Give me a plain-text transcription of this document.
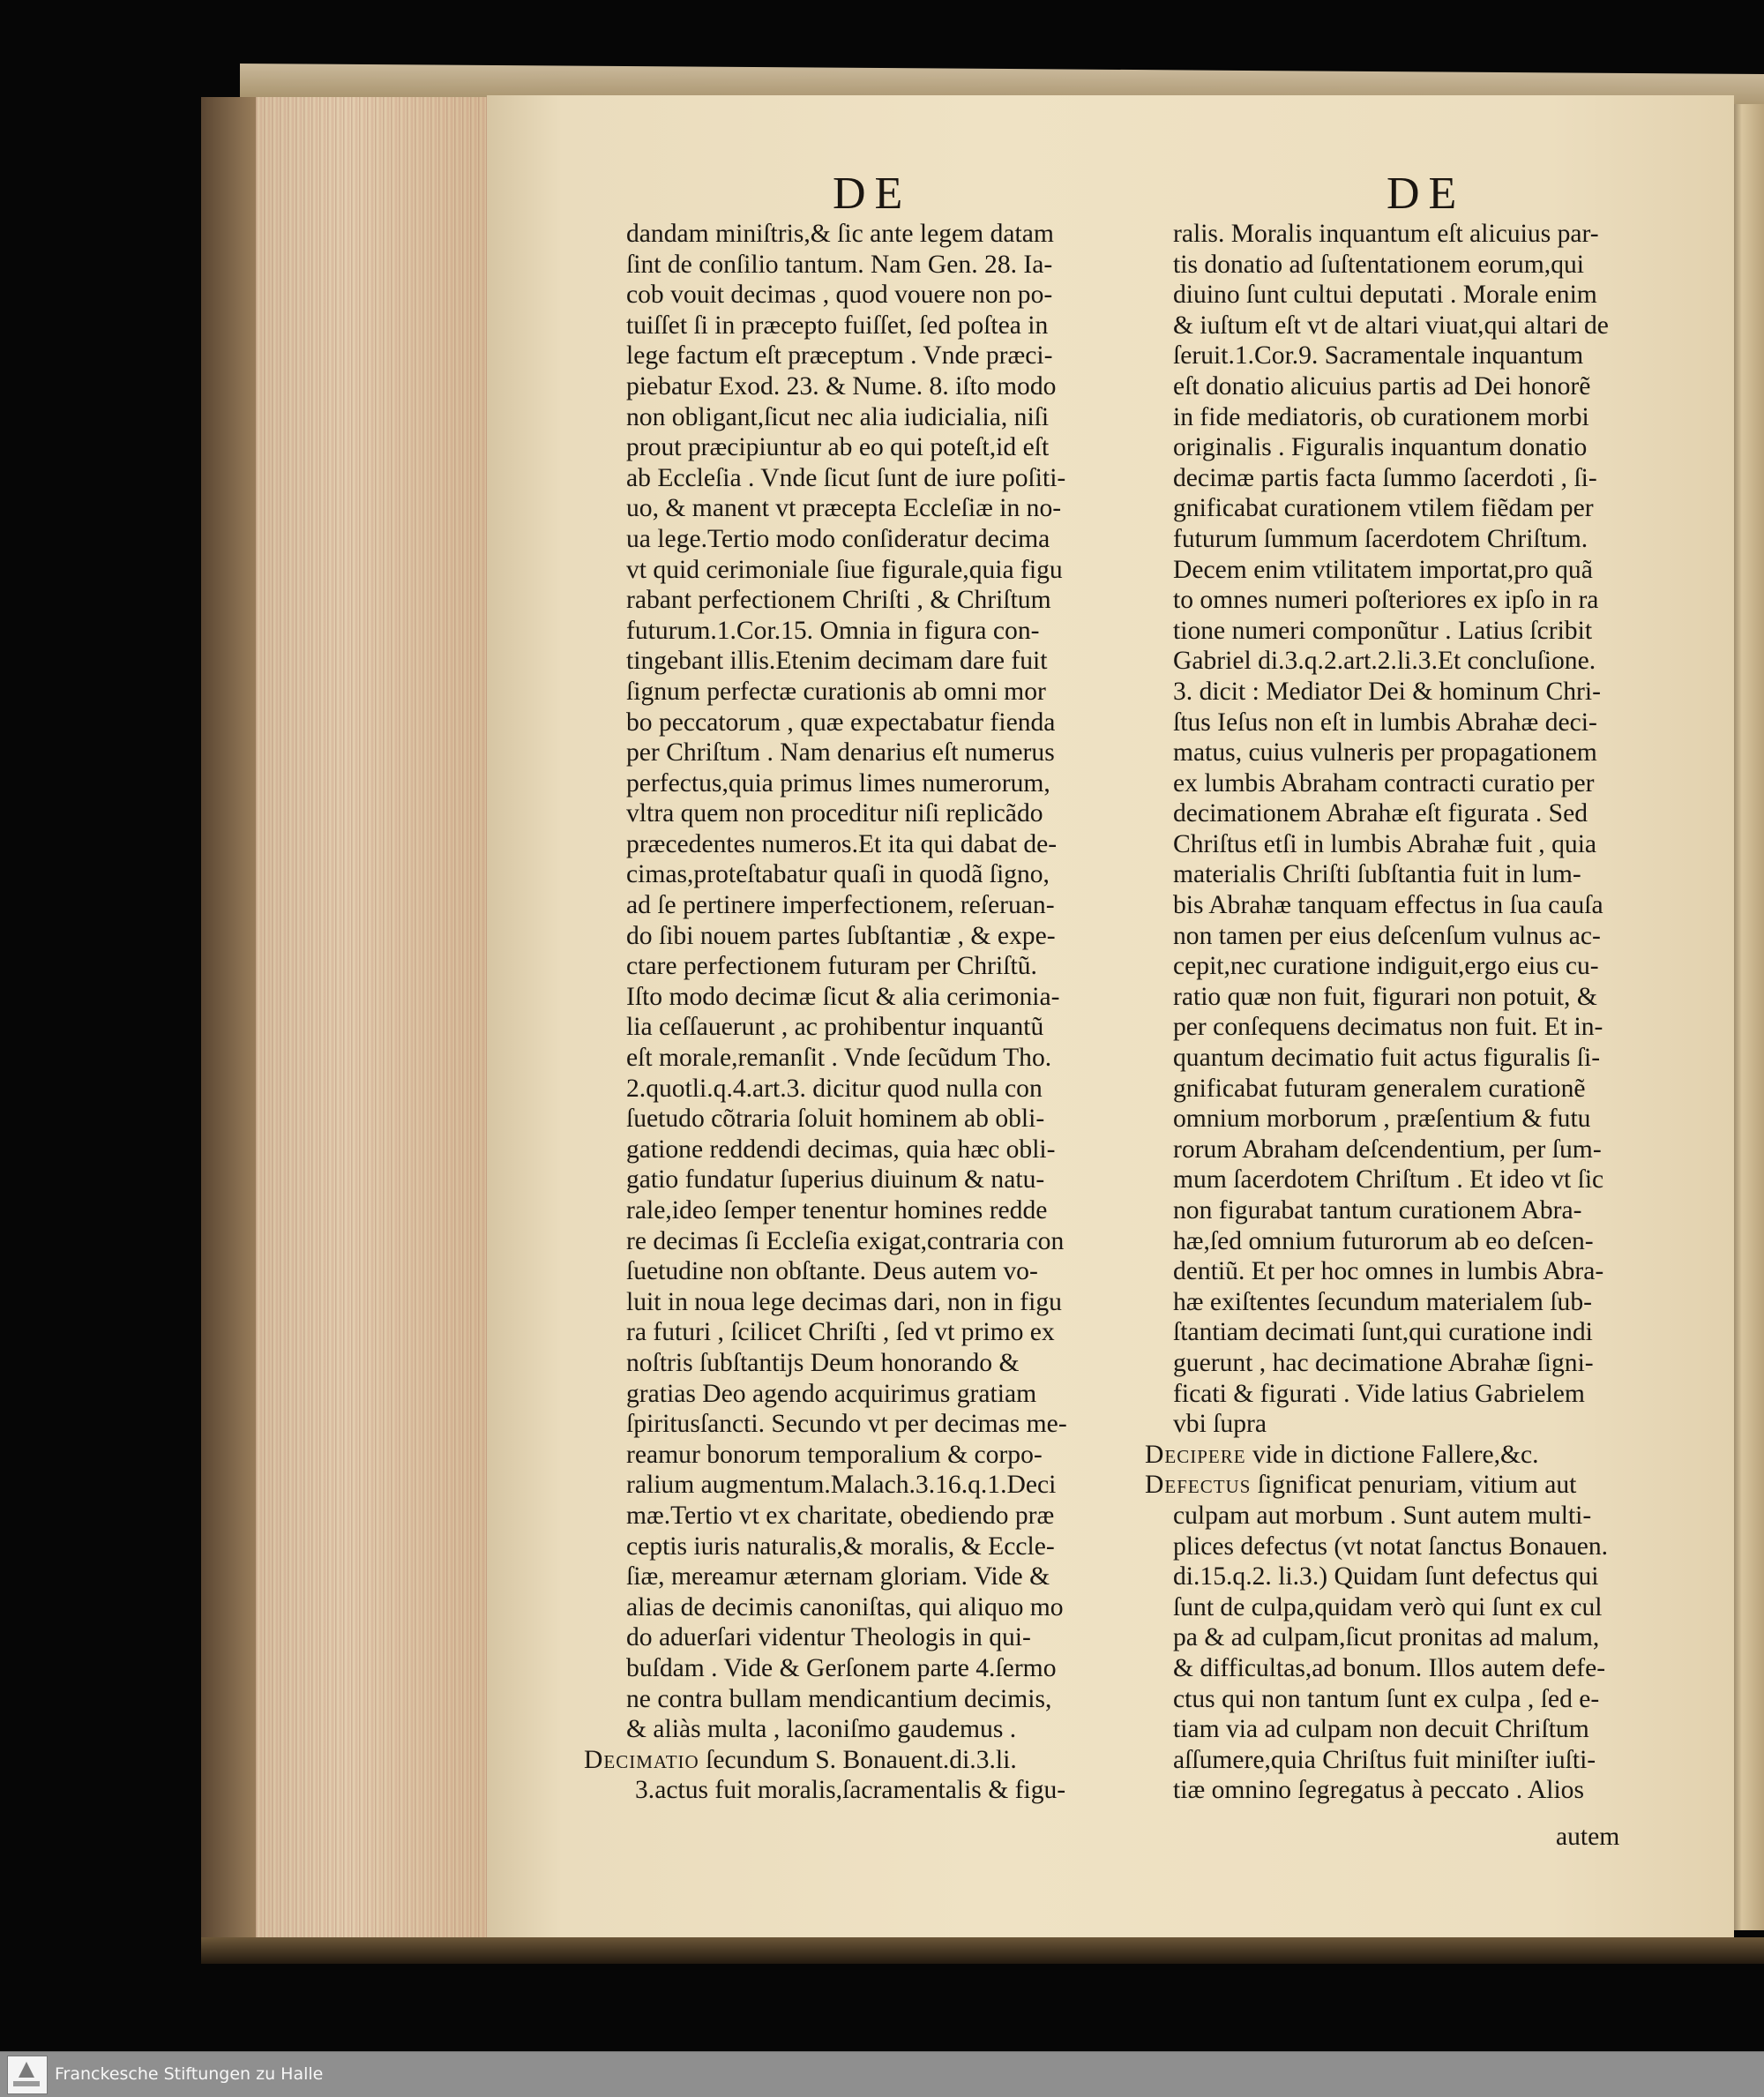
DE	DE
dandam miniſtris,& ſic ante legem datam
ſint de conſilio tantum. Nam Gen. 28. Ia-
cob vouit decimas , quod vouere non po-
tuiſſet ſi in præcepto fuiſſet, ſed poſtea in
lege factum eſt præceptum . Vnde præci-
piebatur Exod. 23. & Nume. 8. iſto modo
non obligant,ſicut nec alia iudicialia, niſi
prout præcipiuntur ab eo qui poteſt,id eſt
ab Eccleſia . Vnde ſicut ſunt de iure poſiti-
uo, & manent vt præcepta Eccleſiæ in no-
ua lege.Tertio modo conſideratur decima
vt quid cerimoniale ſiue figurale,quia figu
rabant perfectionem Chriſti , & Chriſtum
futurum.1.Cor.15. Omnia in figura con-
tingebant illis.Etenim decimam dare fuit
ſignum perfectæ curationis ab omni mor
bo peccatorum , quæ expectabatur fienda
per Chriſtum . Nam denarius eſt numerus
perfectus,quia primus limes numerorum,
vltra quem non proceditur niſi replicãdo
præcedentes numeros.Et ita qui dabat de-
cimas,proteſtabatur quaſi in quodã ſigno,
ad ſe pertinere imperfectionem, reſeruan-
do ſibi nouem partes ſubſtantiæ , & expe-
ctare perfectionem futuram per Chriſtũ.
Iſto modo decimæ ſicut & alia cerimonia-
lia ceſſauerunt , ac prohibentur inquantũ
eſt morale,remanſit . Vnde ſecũdum Tho.
2.quotli.q.4.art.3. dicitur quod nulla con
ſuetudo cõtraria ſoluit hominem ab obli-
gatione reddendi decimas, quia hæc obli-
gatio fundatur ſuperius diuinum & natu-
rale,ideo ſemper tenentur homines redde
re decimas ſi Eccleſia exigat,contraria con
ſuetudine non obſtante. Deus autem vo-
luit in noua lege decimas dari, non in figu
ra futuri , ſcilicet Chriſti , ſed vt primo ex
noſtris ſubſtantijs Deum honorando &
gratias Deo agendo acquirimus gratiam
ſpiritusſancti. Secundo vt per decimas me-
reamur bonorum temporalium & corpo-
ralium augmentum.Malach.3.16.q.1.Deci
mæ.Tertio vt ex charitate, obediendo præ
ceptis iuris naturalis,& moralis, & Eccle-
ſiæ, mereamur æternam gloriam. Vide &
alias de decimis canoniſtas, qui aliquo mo
do aduerſari videntur Theologis in qui-
buſdam . Vide & Gerſonem parte 4.ſermo
ne contra bullam mendicantium decimis,
& aliàs multa , laconiſmo gaudemus .
Decimatio ſecundum S. Bonauent.di.3.li.
3.actus fuit moralis,ſacramentalis & figu-
ralis. Moralis inquantum eſt alicuius par-
tis donatio ad ſuſtentationem eorum,qui
diuino ſunt cultui deputati . Morale enim
& iuſtum eſt vt de altari viuat,qui altari de
ſeruit.1.Cor.9. Sacramentale inquantum
eſt donatio alicuius partis ad Dei honorẽ
in fide mediatoris, ob curationem morbi
originalis . Figuralis inquantum donatio
decimæ partis facta ſummo ſacerdoti , ſi-
gnificabat curationem vtilem fiẽdam per
futurum ſummum ſacerdotem Chriſtum.
Decem enim vtilitatem importat,pro quã
to omnes numeri poſteriores ex ipſo in ra
tione numeri componũtur . Latius ſcribit
Gabriel di.3.q.2.art.2.li.3.Et concluſione.
3. dicit : Mediator Dei & hominum Chri-
ſtus Ieſus non eſt in lumbis Abrahæ deci-
matus, cuius vulneris per propagationem
ex lumbis Abraham contracti curatio per
decimationem Abrahæ eſt figurata . Sed
Chriſtus etſi in lumbis Abrahæ fuit , quia
materialis Chriſti ſubſtantia fuit in lum-
bis Abrahæ tanquam effectus in ſua cauſa
non tamen per eius deſcenſum vulnus ac-
cepit,nec curatione indiguit,ergo eius cu-
ratio quæ non fuit, figurari non potuit, &
per conſequens decimatus non fuit. Et in-
quantum decimatio fuit actus figuralis ſi-
gnificabat futuram generalem curationẽ
omnium morborum , præſentium & futu
rorum Abraham deſcendentium, per ſum-
mum ſacerdotem Chriſtum . Et ideo vt ſic
non figurabat tantum curationem Abra-
hæ,ſed omnium futurorum ab eo deſcen-
dentiũ. Et per hoc omnes in lumbis Abra-
hæ exiſtentes ſecundum materialem ſub-
ſtantiam decimati ſunt,qui curatione indi
guerunt , hac decimatione Abrahæ ſigni-
ficati & figurati . Vide latius Gabrielem
vbi ſupra
Decipere vide in dictione Fallere,&c.
Defectus ſignificat penuriam, vitium aut
culpam aut morbum . Sunt autem multi-
plices defectus (vt notat ſanctus Bonauen.
di.15.q.2. li.3.) Quidam ſunt defectus qui
ſunt de culpa,quidam verò qui ſunt ex cul
pa & ad culpam,ſicut pronitas ad malum,
& difficultas,ad bonum. Illos autem defe-
ctus qui non tantum ſunt ex culpa , ſed e-
tiam via ad culpam non decuit Chriſtum
aſſumere,quia Chriſtus fuit miniſter iuſti-
tiæ omnino ſegregatus à peccato . Alios
autem
Franckesche Stiftungen zu Halle
